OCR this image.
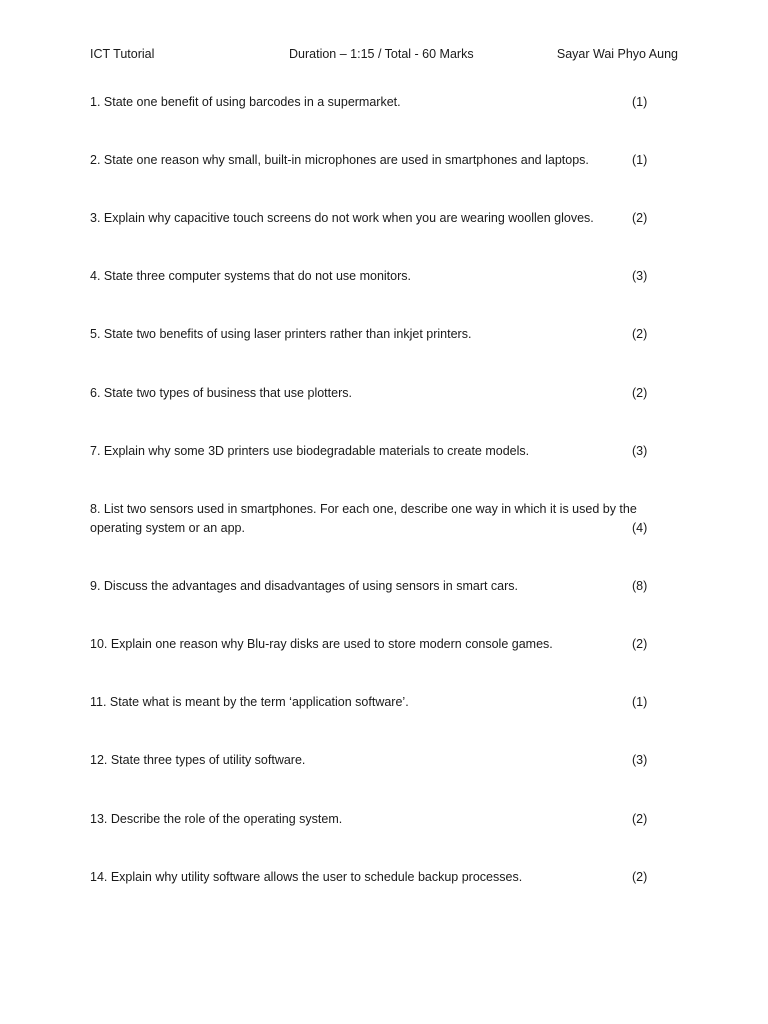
ICT Tutorial	Duration – 1:15 / Total - 60 Marks	Sayar Wai Phyo Aung
1. State one benefit of using barcodes in a supermarket.	(1)
2. State one reason why small, built-in microphones are used in smartphones and laptops.	(1)
3. Explain why capacitive touch screens do not work when you are wearing woollen gloves.	(2)
4. State three computer systems that do not use monitors.	(3)
5. State two benefits of using laser printers rather than inkjet printers.	(2)
6. State two types of business that use plotters.	(2)
7. Explain why some 3D printers use biodegradable materials to create models.	(3)
8. List two sensors used in smartphones. For each one, describe one way in which it is used by the operating system or an app.	(4)
9. Discuss the advantages and disadvantages of using sensors in smart cars.	(8)
10. Explain one reason why Blu-ray disks are used to store modern console games.	(2)
11. State what is meant by the term ‘application software’.	(1)
12. State three types of utility software.	(3)
13. Describe the role of the operating system.	(2)
14. Explain why utility software allows the user to schedule backup processes.	(2)
